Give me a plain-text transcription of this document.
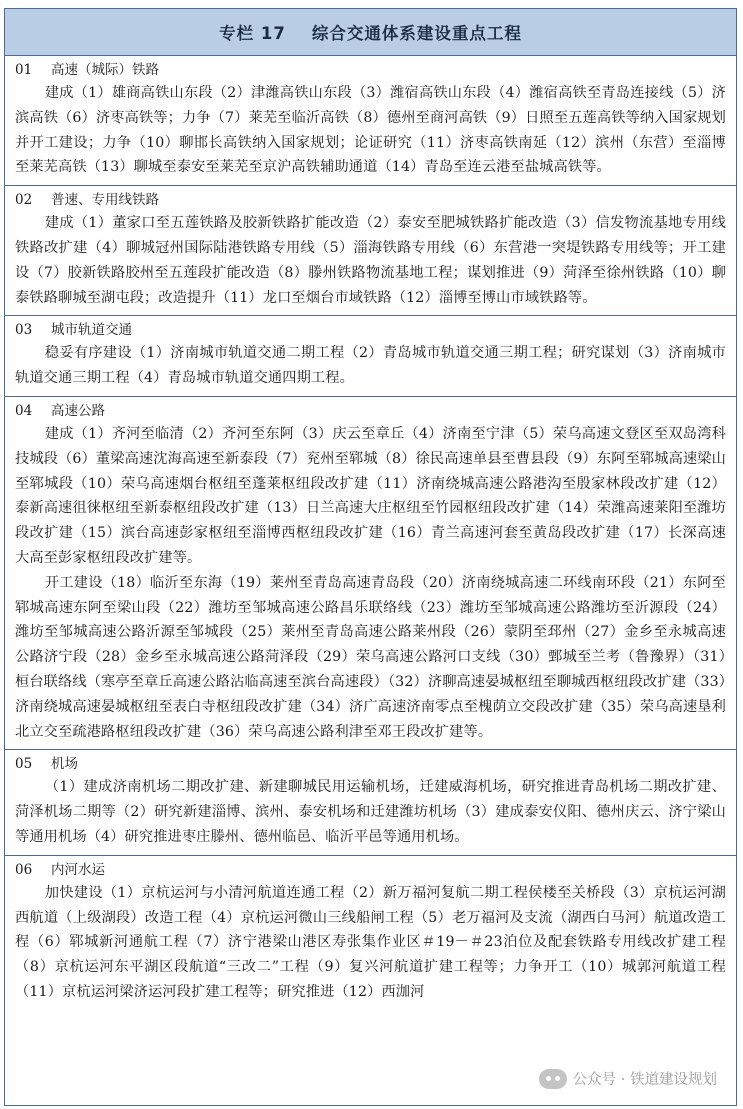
专栏 17 综合交通体系建设重点工程
01 高速（城际）铁路

建成（1）雄商高铁山东段（2）津潍高铁山东段（3）潍宿高铁山东段（4）潍宿高铁至青岛连接线（5）济滨高铁（6）济枣高铁等；力争（7）莱芜至临沂高铁（8）德州至商河高铁（9）日照至五莲高铁等纳入国家规划并开工建设；力争（10）聊邯长高铁纳入国家规划；论证研究（11）济枣高铁南延（12）滨州（东营）至淄博至莱芜高铁（13）聊城至泰安至莱芜至京沪高铁辅助通道（14）青岛至连云港至盐城高铁等。

02 普速、专用线铁路

建成（1）董家口至五莲铁路及胶新铁路扩能改造（2）泰安至肥城铁路扩能改造（3）信发物流基地专用线铁路改扩建（4）聊城冠州国际陆港铁路专用线（5）淄海铁路专用线（6）东营港一突堤铁路专用线等；开工建设（7）胶新铁路胶州至五莲段扩能改造（8）滕州铁路物流基地工程；谋划推进（9）菏泽至徐州铁路（10）聊泰铁路聊城至湖屯段；改造提升（11）龙口至烟台市域铁路（12）淄博至博山市域铁路等。

03 城市轨道交通

稳妥有序建设（1）济南城市轨道交通二期工程（2）青岛城市轨道交通三期工程；研究谋划（3）济南城市轨道交通三期工程（4）青岛城市轨道交通四期工程。

04 高速公路

建成（1）齐河至临清（2）齐河至东阿（3）庆云至章丘（4）济南至宁津（5）荣乌高速文登区至双岛湾科技城段（6）董梁高速沈海高速至新泰段（7）兖州至郓城（8）徐民高速单县至曹县段（9）东阿至郓城高速梁山至郓城段（10）荣乌高速烟台枢纽至蓬莱枢纽段改扩建（11）济南绕城高速公路港沟至殷家林段改扩建（12）泰新高速徂徕枢纽至新泰枢纽段改扩建（13）日兰高速大庄枢纽至竹园枢纽段改扩建（14）荣潍高速莱阳至潍坊段改扩建（15）滨台高速彭家枢纽至淄博西枢纽段改扩建（16）青兰高速河套至黄岛段改扩建（17）长深高速大高至彭家枢纽段改扩建等。

开工建设（18）临沂至东海（19）莱州至青岛高速青岛段（20）济南绕城高速二环线南环段（21）东阿至郓城高速东阿至梁山段（22）潍坊至邹城高速公路昌乐联络线（23）潍坊至邹城高速公路潍坊至沂源段（24）潍坊至邹城高速公路沂源至邹城段（25）莱州至青岛高速公路莱州段（26）蒙阴至邳州（27）金乡至永城高速公路济宁段（28）金乡至永城高速公路菏泽段（29）荣乌高速公路河口支线（30）鄄城至兰考（鲁豫界）（31）桓台联络线（寒亭至章丘高速公路沾临高速至滨台高速段）（32）济聊高速晏城枢纽至聊城西枢纽段改扩建（33）济南绕城高速晏城枢纽至表白寺枢纽段改扩建（34）济广高速济南零点至槐荫立交段改扩建（35）荣乌高速垦利北立交至疏港路枢纽段改扩建（36）荣乌高速公路利津至邓王段改扩建等。

05 机场

（1）建成济南机场二期改扩建、新建聊城民用运输机场，迁建威海机场，研究推进青岛机场二期改扩建、菏泽机场二期等（2）研究新建淄博、滨州、泰安机场和迁建潍坊机场（3）建成泰安仪阳、德州庆云、济宁梁山等通用机场（4）研究推进枣庄滕州、德州临邑、临沂平邑等通用机场。

06 内河水运

加快建设（1）京杭运河与小清河航道连通工程（2）新万福河复航二期工程侯楼至关桥段（3）京杭运河湖西航道（上级湖段）改造工程（4）京杭运河微山三线船闸工程（5）老万福河及支流（湖西白马河）航道改造工程（6）郓城新河通航工程（7）济宁港梁山港区寿张集作业区＃19－＃23泊位及配套铁路专用线改扩建工程（8）京杭运河东平湖区段航道“三改二”工程（9）复兴河航道扩建工程等；力争开工（10）城郭河航道工程（11）京杭运河梁济运河段扩建工程等；研究推进（12）西泇河

公众号 · 铁道建设规划
